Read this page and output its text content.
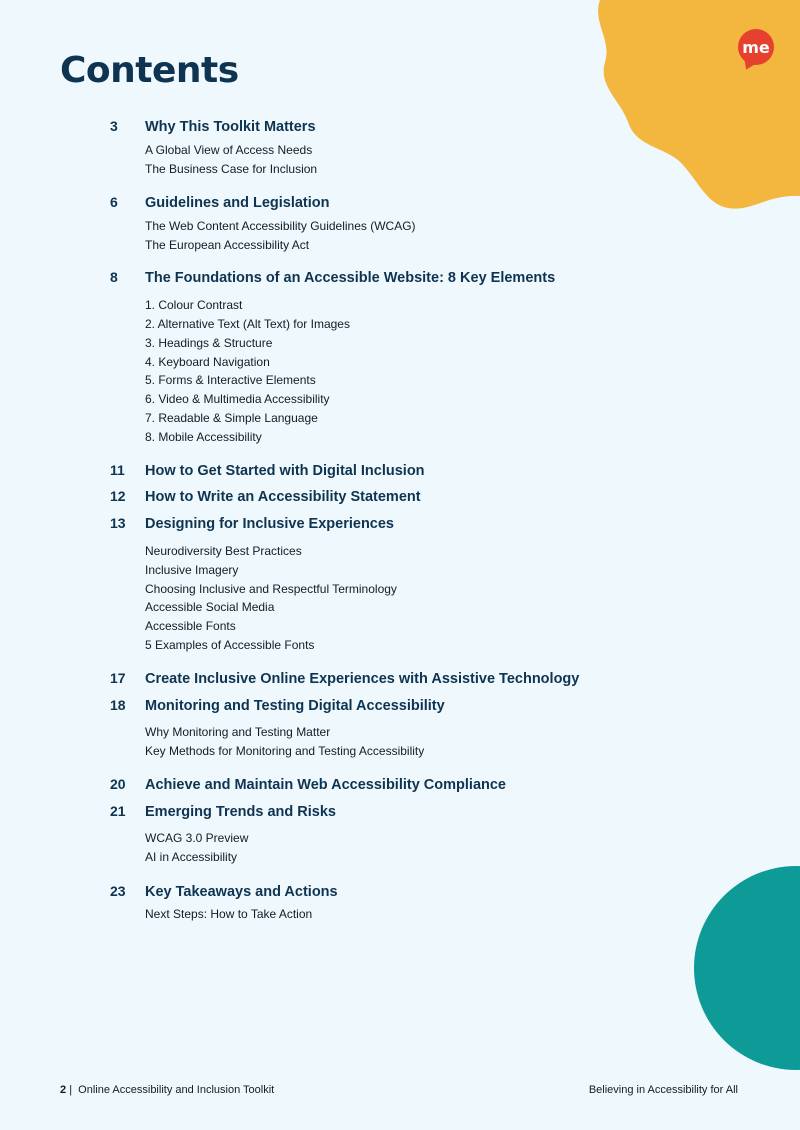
Contents
me
3	Why This Toolkit Matters
A Global View of Access Needs
The Business Case for Inclusion
6	Guidelines and Legislation
The Web Content Accessibility Guidelines (WCAG)
The European Accessibility Act
8	The Foundations of an Accessible Website: 8 Key Elements
1. Colour Contrast
2. Alternative Text (Alt Text) for Images
3. Headings & Structure
4. Keyboard Navigation
5. Forms & Interactive Elements
6. Video & Multimedia Accessibility
7. Readable & Simple Language
8. Mobile Accessibility
11	How to Get Started with Digital Inclusion
12	How to Write an Accessibility Statement
13	Designing for Inclusive Experiences
Neurodiversity Best Practices
Inclusive Imagery
Choosing Inclusive and Respectful Terminology
Accessible Social Media
Accessible Fonts
5 Examples of Accessible Fonts
17	Create Inclusive Online Experiences with Assistive Technology
18	Monitoring and Testing Digital Accessibility
Why Monitoring and Testing Matter
Key Methods for Monitoring and Testing Accessibility
20	Achieve and Maintain Web Accessibility Compliance
21	Emerging Trends and Risks
WCAG 3.0 Preview
AI in Accessibility
23	Key Takeaways and Actions
Next Steps: How to Take Action
2 | Online Accessibility and Inclusion Toolkit	Believing in Accessibility for All
